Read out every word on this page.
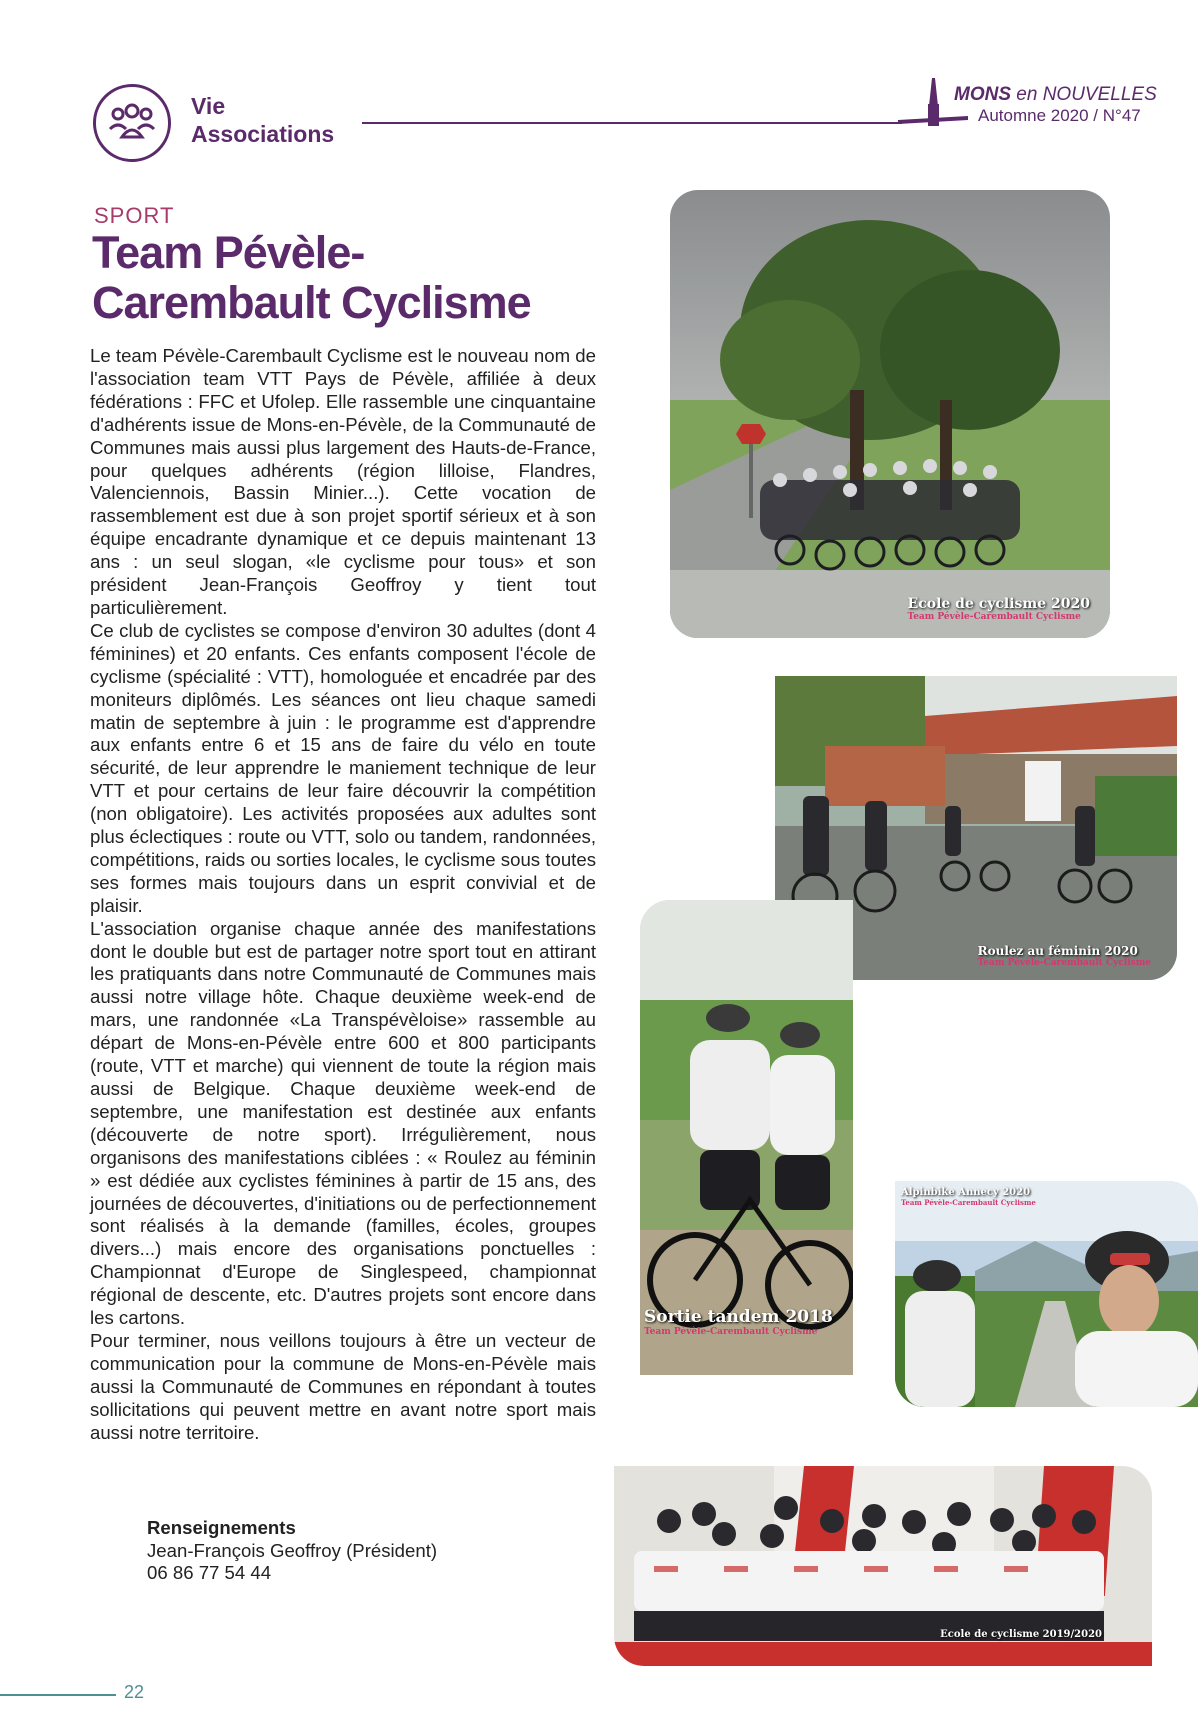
Vie
Associations
MONS en NOUVELLES
Automne 2020 / N°47
SPORT
Team Pévèle-
Carembault Cyclisme

Le team Pévèle-Carembault Cyclisme est le nouveau nom de l'association team VTT Pays de Pévèle, affiliée à deux fédérations : FFC et Ufolep. Elle rassemble une cinquantaine d'adhérents issue de Mons-en-Pévèle, de la Communauté de Communes mais aussi plus largement des Hauts-de-France, pour quelques adhérents (région lilloise, Flandres, Valenciennois, Bassin Minier...). Cette vocation de rassemblement est due à son projet sportif sérieux et à son équipe encadrante dynamique et ce depuis maintenant 13 ans : un seul slogan, «le cyclisme pour tous» et son président Jean-François Geoffroy y tient tout particulièrement.

Ce club de cyclistes se compose d'environ 30 adultes (dont 4 féminines) et 20 enfants. Ces enfants composent l'école de cyclisme (spécialité : VTT), homologuée et encadrée par des moniteurs diplômés. Les séances ont lieu chaque samedi matin de septembre à juin : le programme est d'apprendre aux enfants entre 6 et 15 ans de faire du vélo en toute sécurité, de leur apprendre le maniement technique de leur VTT et pour certains de leur faire découvrir la compétition (non obligatoire). Les activités proposées aux adultes sont plus éclectiques : route ou VTT, solo ou tandem, randonnées, compétitions, raids ou sorties locales, le cyclisme sous toutes ses formes mais toujours dans un esprit convivial et de plaisir.

L'association organise chaque année des manifestations dont le double but est de partager notre sport tout en attirant les pratiquants dans notre Communauté de Communes mais aussi notre village hôte. Chaque deuxième week-end de mars, une randonnée «La Transpévèloise» rassemble au départ de Mons-en-Pévèle entre 600 et 800 participants (route, VTT et marche) qui viennent de toute la région mais aussi de Belgique. Chaque deuxième week-end de septembre, une manifestation est destinée aux enfants (découverte de notre sport). Irrégulièrement, nous organisons des manifestations ciblées : « Roulez au féminin » est dédiée aux cyclistes féminines à partir de 15 ans, des journées de découvertes, d'initiations ou de perfectionnement sont réalisés à la demande (familles, écoles, groupes divers...) mais encore des organisations ponctuelles : Championnat d'Europe de Singlespeed, championnat régional de descente, etc. D'autres projets sont encore dans les cartons.

Pour terminer, nous veillons toujours à être un vecteur de communication pour la commune de Mons-en-Pévèle mais aussi la Communauté de Communes en répondant à toutes sollicitations qui peuvent mettre en avant notre sport mais aussi notre territoire.

Renseignements
Jean-François Geoffroy (Président)
06 86 77 54 44
Ecole de cyclisme 2020
Team Pévèle-Carembault Cyclisme
Roulez au féminin 2020
Team Pévèle-Carembault Cyclisme
Sortie tandem 2018
Team Pévèle-Carembault Cyclisme
Alpinbike Annecy 2020
Team Pévèle-Carembault Cyclisme
Ecole de cyclisme 2019/2020
22
